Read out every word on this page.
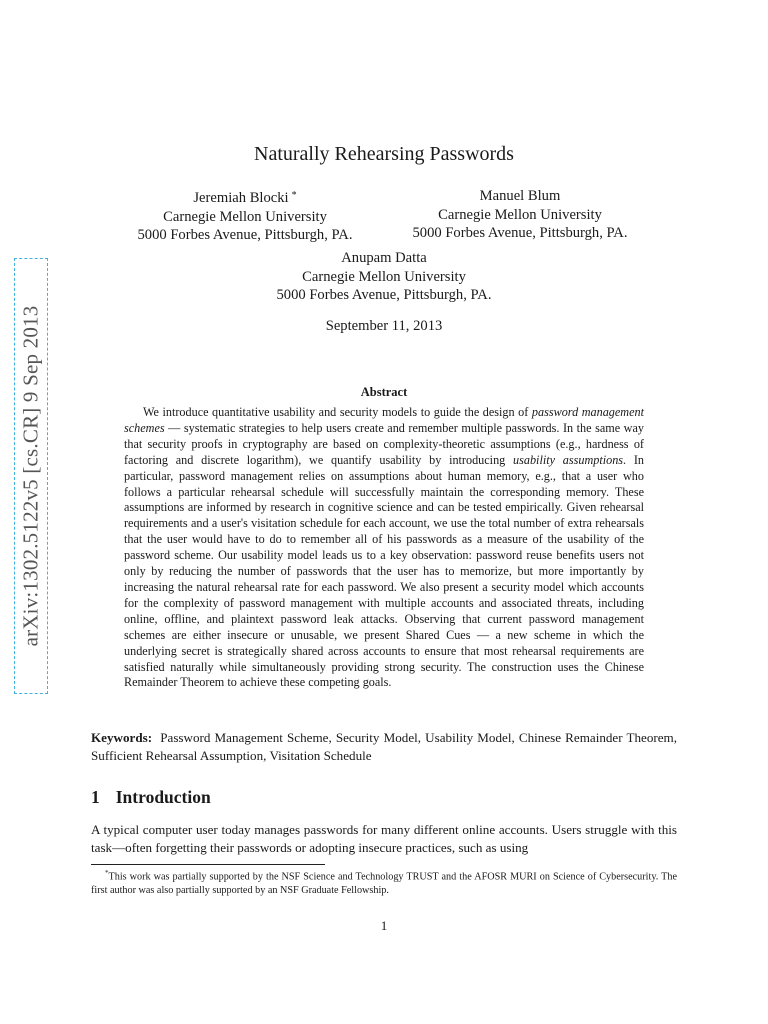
arXiv:1302.5122v5 [cs.CR] 9 Sep 2013
Naturally Rehearsing Passwords
Jeremiah Blocki *
Carnegie Mellon University
5000 Forbes Avenue, Pittsburgh, PA.
Manuel Blum
Carnegie Mellon University
5000 Forbes Avenue, Pittsburgh, PA.
Anupam Datta
Carnegie Mellon University
5000 Forbes Avenue, Pittsburgh, PA.
September 11, 2013
Abstract

We introduce quantitative usability and security models to guide the design of password management schemes — systematic strategies to help users create and remember multiple passwords. In the same way that security proofs in cryptography are based on complexity-theoretic assumptions (e.g., hardness of factoring and discrete logarithm), we quantify usability by introducing usability assumptions. In particular, password management relies on assumptions about human memory, e.g., that a user who follows a particular rehearsal schedule will successfully maintain the corresponding memory. These assumptions are informed by research in cognitive science and can be tested empirically. Given rehearsal requirements and a user's visitation schedule for each account, we use the total number of extra rehearsals that the user would have to do to remember all of his passwords as a measure of the usability of the password scheme. Our usability model leads us to a key observation: password reuse benefits users not only by reducing the number of passwords that the user has to memorize, but more importantly by increasing the natural rehearsal rate for each password. We also present a security model which accounts for the complexity of password management with multiple accounts and associated threats, including online, offline, and plaintext password leak attacks. Observing that current password management schemes are either insecure or unusable, we present Shared Cues — a new scheme in which the underlying secret is strategically shared across accounts to ensure that most rehearsal requirements are satisfied naturally while simultaneously providing strong security. The construction uses the Chinese Remainder Theorem to achieve these competing goals.

Keywords: Password Management Scheme, Security Model, Usability Model, Chinese Remainder Theorem, Sufficient Rehearsal Assumption, Visitation Schedule

1 Introduction

A typical computer user today manages passwords for many different online accounts. Users struggle with this task—often forgetting their passwords or adopting insecure practices, such as using

*This work was partially supported by the NSF Science and Technology TRUST and the AFOSR MURI on Science of Cybersecurity. The first author was also partially supported by an NSF Graduate Fellowship.

1
